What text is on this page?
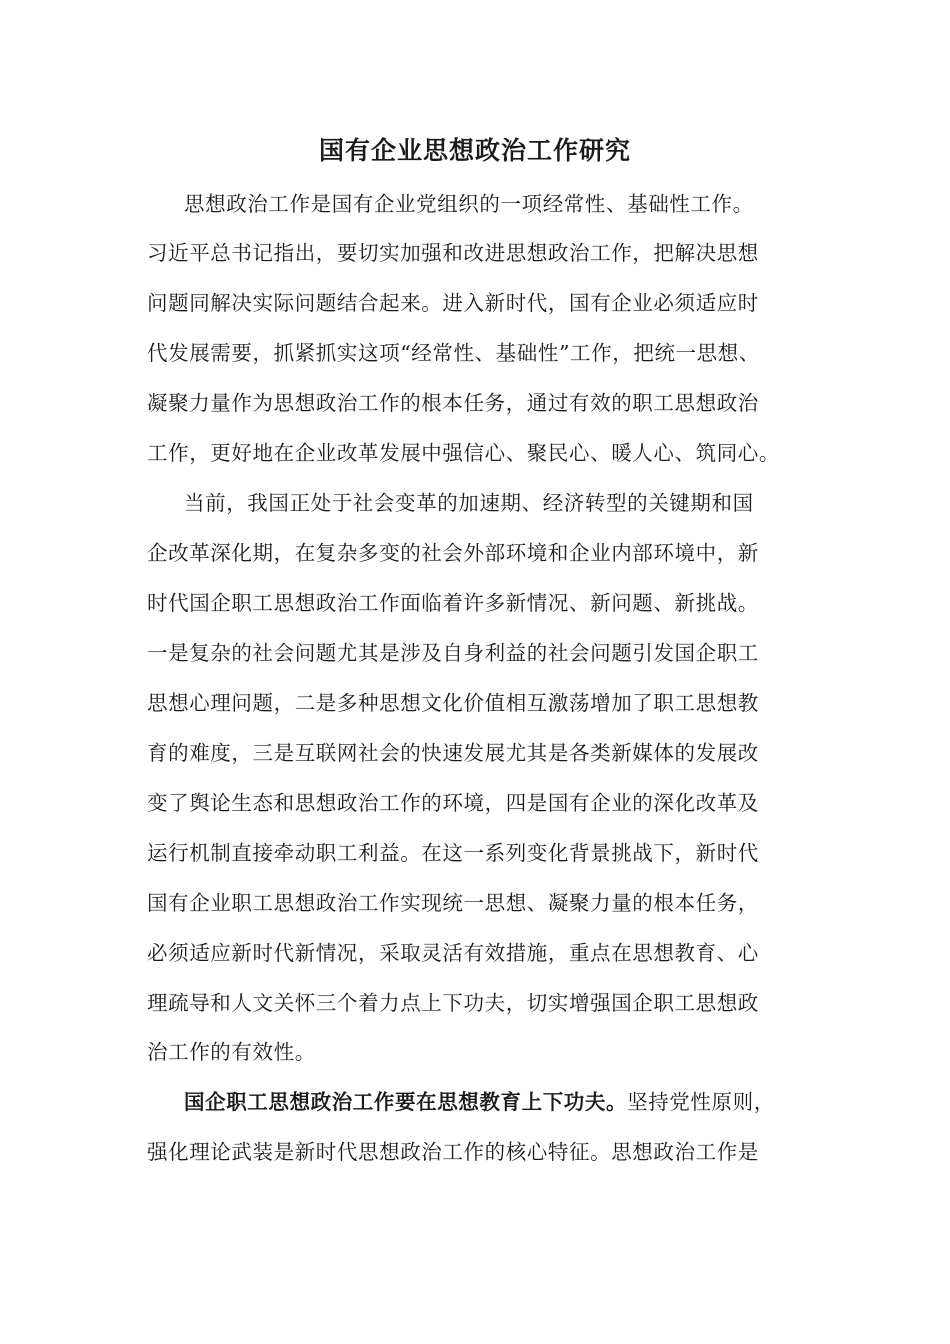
国有企业思想政治工作研究
思想政治工作是国有企业党组织的一项经常性、基础性工作。
习近平总书记指出，要切实加强和改进思想政治工作，把解决思想
问题同解决实际问题结合起来。进入新时代，国有企业必须适应时
代发展需要，抓紧抓实这项“经常性、基础性”工作，把统一思想、
凝聚力量作为思想政治工作的根本任务，通过有效的职工思想政治
工作，更好地在企业改革发展中强信心、聚民心、暖人心、筑同心。
当前，我国正处于社会变革的加速期、经济转型的关键期和国
企改革深化期，在复杂多变的社会外部环境和企业内部环境中，新
时代国企职工思想政治工作面临着许多新情况、新问题、新挑战。
一是复杂的社会问题尤其是涉及自身利益的社会问题引发国企职工
思想心理问题，二是多种思想文化价值相互激荡增加了职工思想教
育的难度，三是互联网社会的快速发展尤其是各类新媒体的发展改
变了舆论生态和思想政治工作的环境，四是国有企业的深化改革及
运行机制直接牵动职工利益。在这一系列变化背景挑战下，新时代
国有企业职工思想政治工作实现统一思想、凝聚力量的根本任务，
必须适应新时代新情况，采取灵活有效措施，重点在思想教育、心
理疏导和人文关怀三个着力点上下功夫，切实增强国企职工思想政
治工作的有效性。
国企职工思想政治工作要在思想教育上下功夫。坚持党性原则，
强化理论武装是新时代思想政治工作的核心特征。思想政治工作是
